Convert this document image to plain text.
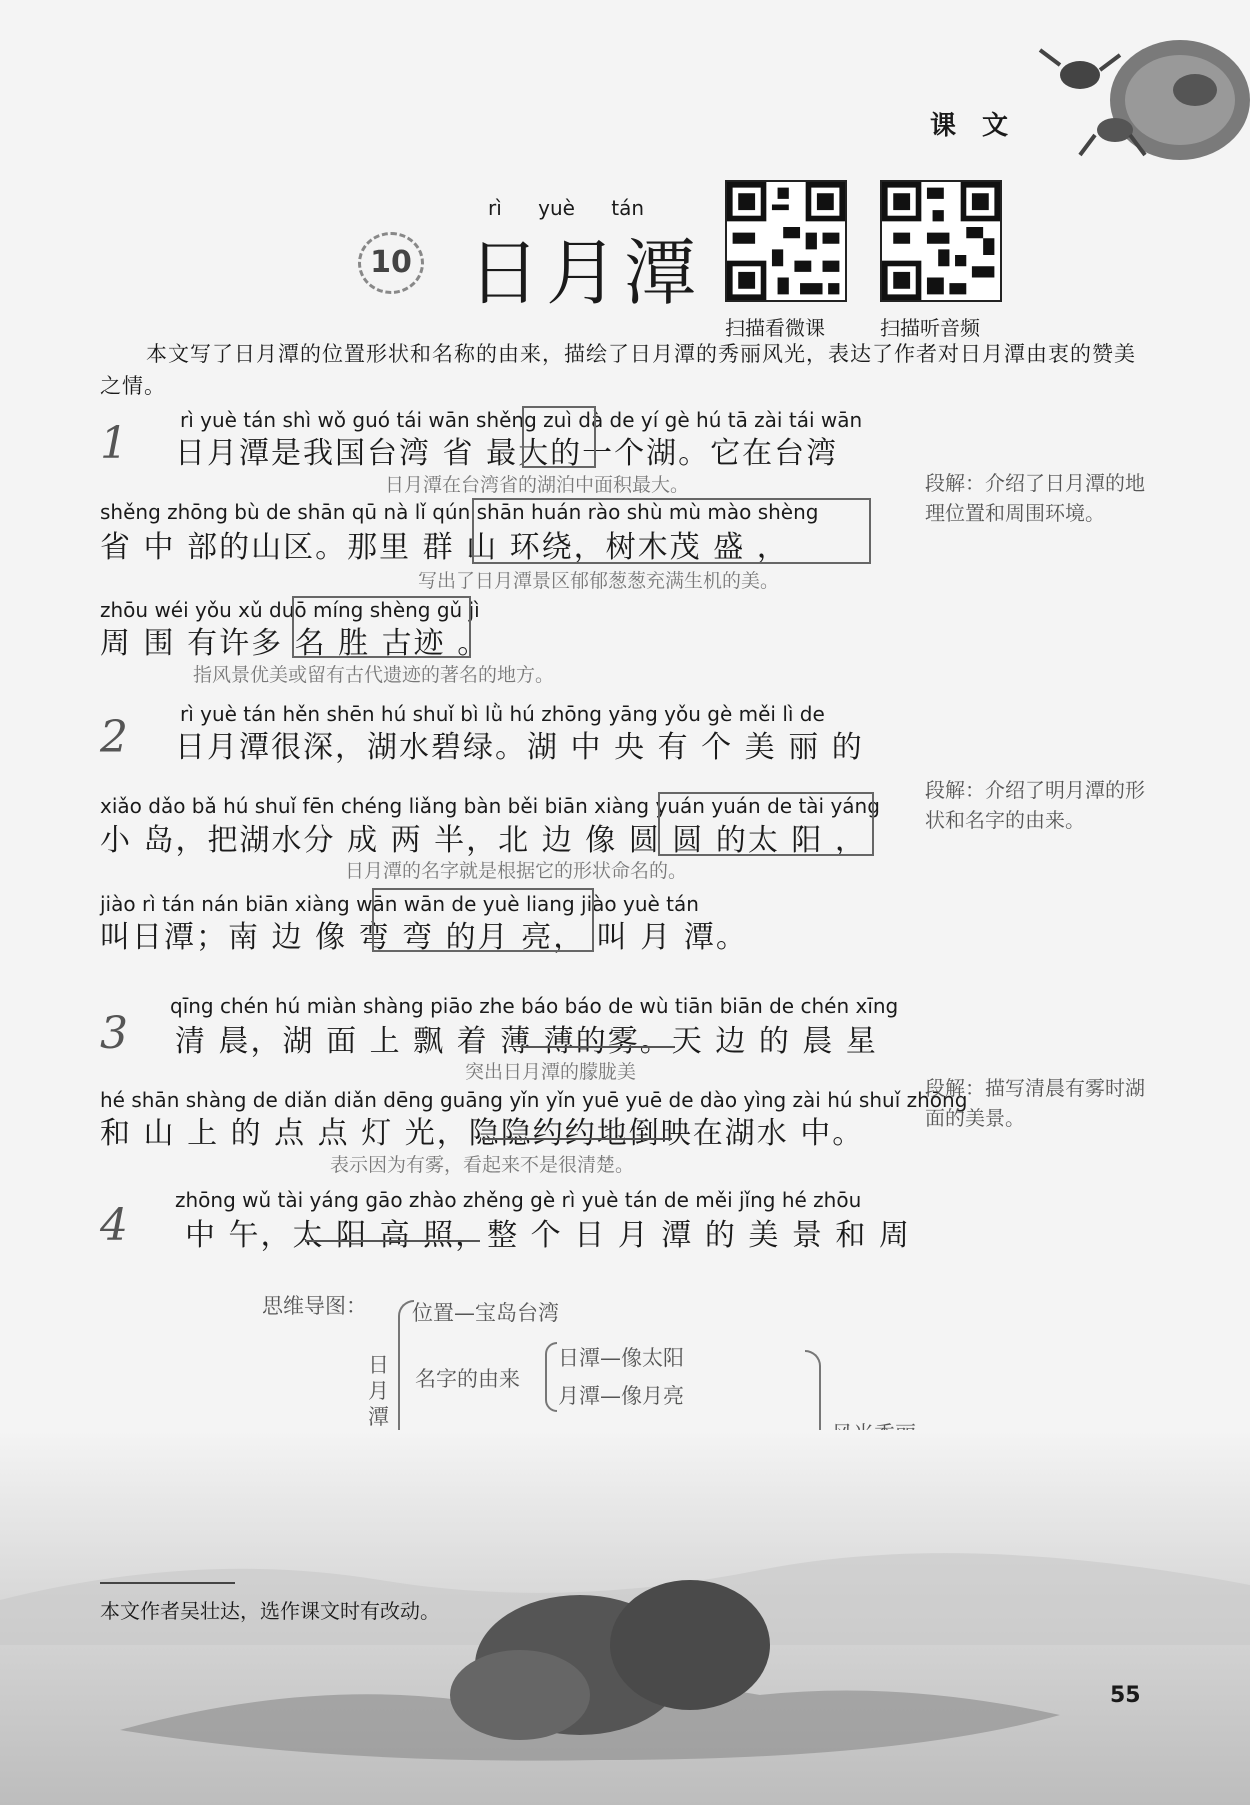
课文
10
rì yuè tán
日月潭
扫描看微课	扫描听音频
本文写了日月潭的位置形状和名称的由来，描绘了日月潭的秀丽风光，表达了作者对日月潭由衷的赞美之情。
1	rì yuè tán shì wǒ guó tái wān shěng zuì dà de yí gè hú tā zài tái wān
日月潭是我国台湾 省 最大的一个湖。它在台湾
日月潭在台湾省的湖泊中面积最大。
shěng zhōng bù de shān qū nà lǐ qún shān huán rào shù mù mào shèng
省 中 部的山区。那里 群 山 环绕，树木茂 盛 ，
写出了日月潭景区郁郁葱葱充满生机的美。
zhōu wéi yǒu xǔ duō míng shèng gǔ jì
周 围 有许多 名 胜 古迹 。
指风景优美或留有古代遗迹的著名的地方。
段解：介绍了日月潭的地理位置和周围环境。
2	rì yuè tán hěn shēn hú shuǐ bì lǜ hú zhōng yāng yǒu gè měi lì de
日月潭很深，湖水碧绿。湖 中 央 有 个 美 丽 的
xiǎo dǎo bǎ hú shuǐ fēn chéng liǎng bàn běi biān xiàng yuán yuán de tài yáng
小 岛，把湖水分 成 两 半，北 边 像 圆 圆 的太 阳 ，
日月潭的名字就是根据它的形状命名的。
jiào rì tán nán biān xiàng wān wān de yuè liang jiào yuè tán
叫日潭；南 边 像 弯 弯 的月 亮， 叫 月 潭。
段解：介绍了明月潭的形状和名字的由来。
3
qīng chén hú miàn shàng piāo zhe báo báo de wù tiān biān de chén xīng
清 晨，湖 面 上 飘 着 薄 薄的雾。天 边 的 晨 星
突出日月潭的朦胧美
hé shān shàng de diǎn diǎn dēng guāng yǐn yǐn yuē yuē de dào yìng zài hú shuǐ zhōng
和 山 上 的 点 点 灯 光，隐隐约约地倒映在湖水 中。
表示因为有雾，看起来不是很清楚。
段解：描写清晨有雾时湖面的美景。
4 zhōng wǔ tài yáng gāo zhào zhěng gè rì yuè tán de měi jǐng hé zhōu
中 午，太 阳 高 照，整 个 日 月 潭 的 美 景 和 周
思维导图：
日月潭
位置—宝岛台湾
名字的由来
日潭—像太阳
月潭—像月亮
本文作者吴壮达，选作课文时有改动。
55
